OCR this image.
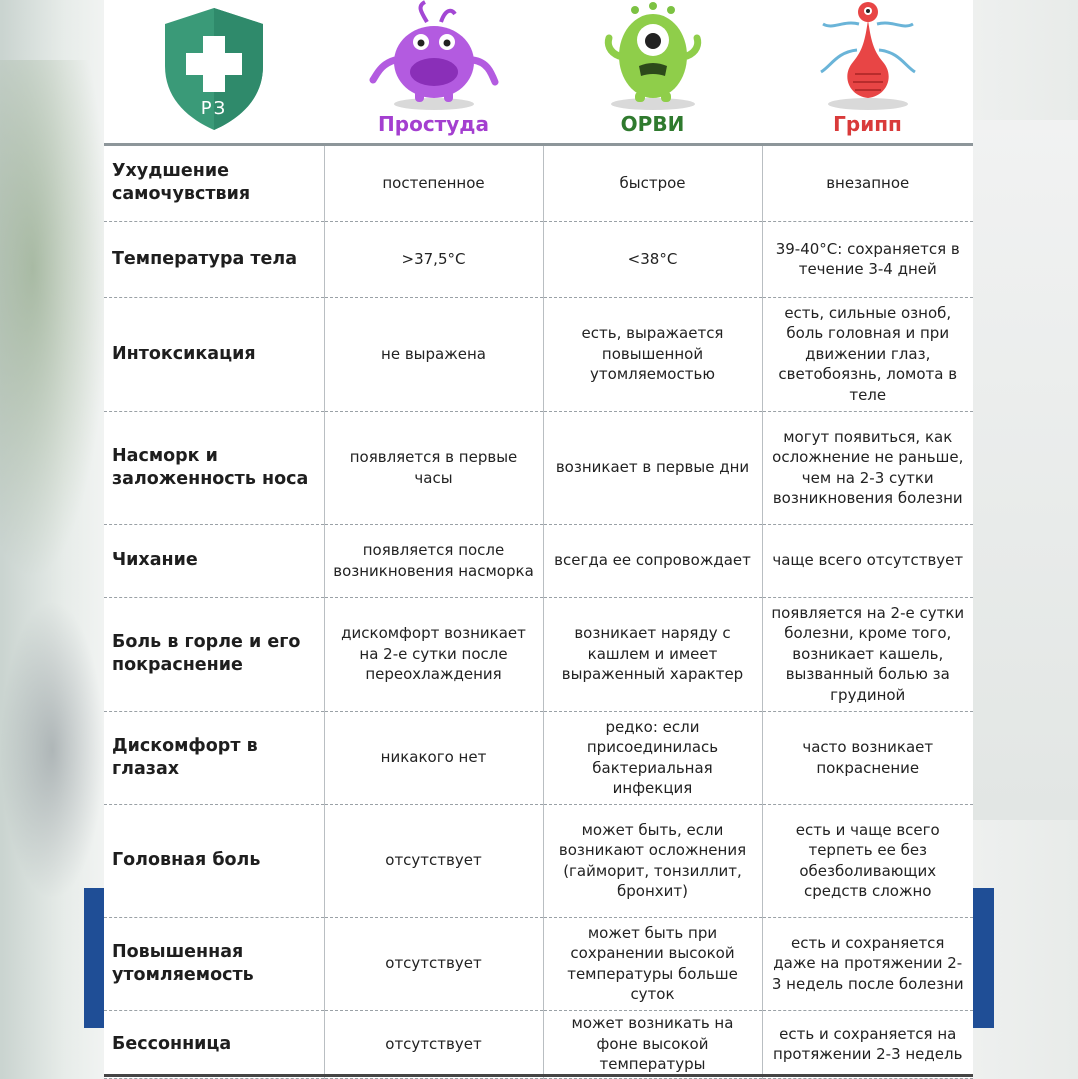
РЗ
Простуда	ОРВИ	Грипп
Ухудшение самочувствия	постепенное	быстрое	внезапное
Температура тела	>37,5°С	<38°С	39-40°С: сохраняется в течение 3-4 дней
Интоксикация	не выражена	есть, выражается повышенной утомляемостью	есть, сильные озноб, боль головная и при движении глаз, светобоязнь, ломота в теле
Насморк и заложенность носа	появляется в первые часы	возникает в первые дни	могут появиться, как осложнение не раньше, чем на 2-3 сутки возникновения болезни
Чихание	появляется после возникновения насморка	всегда ее сопровождает	чаще всего отсутствует
Боль в горле и его покраснение	дискомфорт возникает на 2-е сутки после переохлаждения	возникает наряду с кашлем и имеет выраженный характер	появляется на 2-е сутки болезни, кроме того, возникает кашель, вызванный болью за грудиной
Дискомфорт в глазах	никакого нет	редко: если присоединилась бактериальная инфекция	часто возникает покраснение
Головная боль	отсутствует	может быть, если возникают осложнения (гайморит, тонзиллит, бронхит)	есть и чаще всего терпеть ее без обезболивающих средств сложно
Повышенная утомляемость	отсутствует	может быть при сохранении высокой температуры больше суток	есть и сохраняется даже на протяжении 2-3 недель после болезни
Бессонница	отсутствует	может возникать на фоне высокой температуры	есть и сохраняется на протяжении 2-3 недель
